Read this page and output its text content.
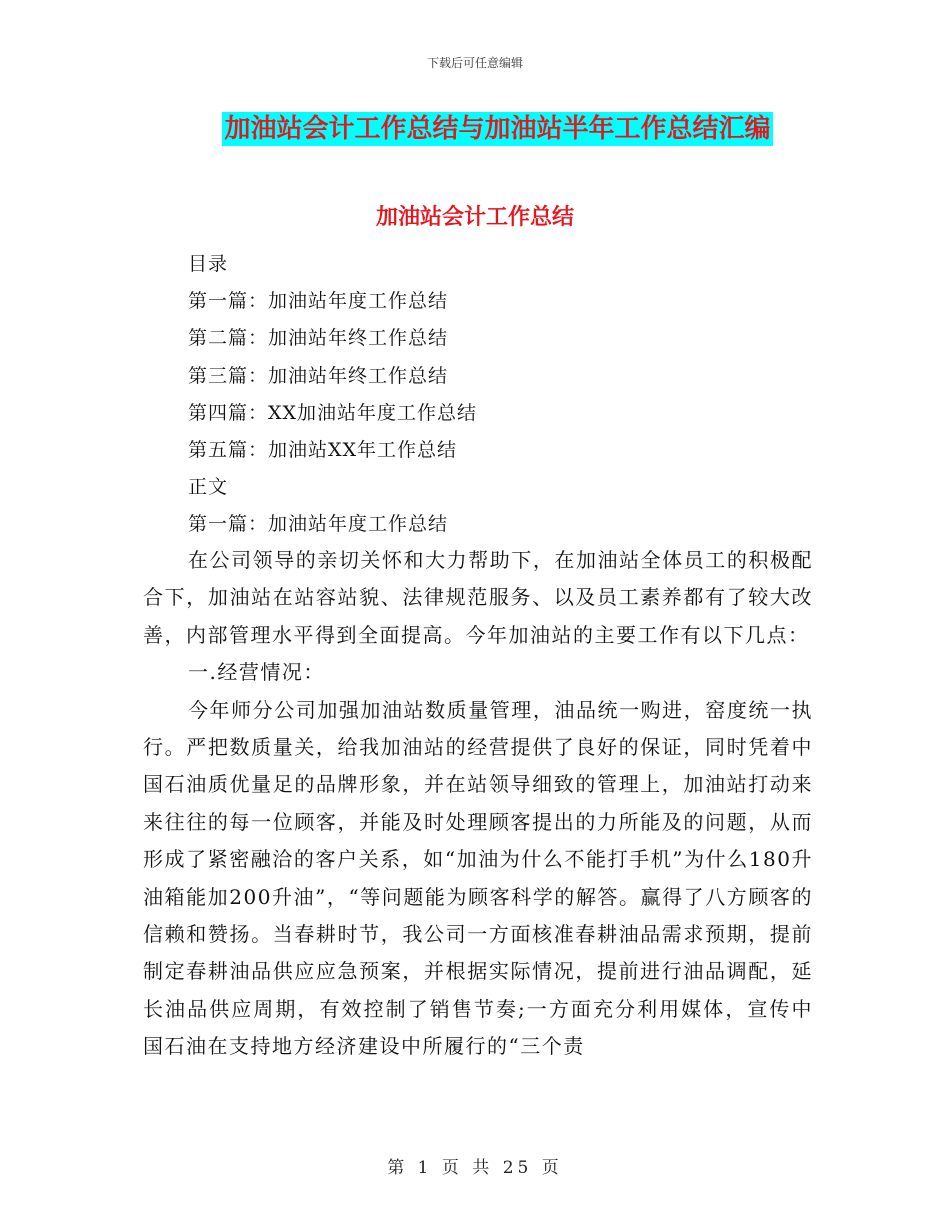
下载后可任意编辑
加油站会计工作总结与加油站半年工作总结汇编
加油站会计工作总结
目录
第一篇：加油站年度工作总结
第二篇：加油站年终工作总结
第三篇：加油站年终工作总结
第四篇：XX加油站年度工作总结
第五篇：加油站XX年工作总结
正文
第一篇：加油站年度工作总结

在公司领导的亲切关怀和大力帮助下，在加油站全体员工的积极配合下，加油站在站容站貌、法律规范服务、以及员工素养都有了较大改善，内部管理水平得到全面提高。今年加油站的主要工作有以下几点：

一.经营情况：

今年师分公司加强加油站数质量管理，油品统一购进，窑度统一执行。严把数质量关，给我加油站的经营提供了良好的保证，同时凭着中国石油质优量足的品牌形象，并在站领导细致的管理上，加油站打动来来往往的每一位顾客，并能及时处理顾客提出的力所能及的问题，从而形成了紧密融洽的客户关系，如“加油为什么不能打手机”为什么180升油箱能加200升油”，“等问题能为顾客科学的解答。赢得了八方顾客的信赖和赞扬。当春耕时节，我公司一方面核准春耕油品需求预期，提前制定春耕油品供应应急预案，并根据实际情况，提前进行油品调配，延长油品供应周期，有效控制了销售节奏;一方面充分利用媒体，宣传中国石油在支持地方经济建设中所履行的“三个责

第 1 页 共 25 页
